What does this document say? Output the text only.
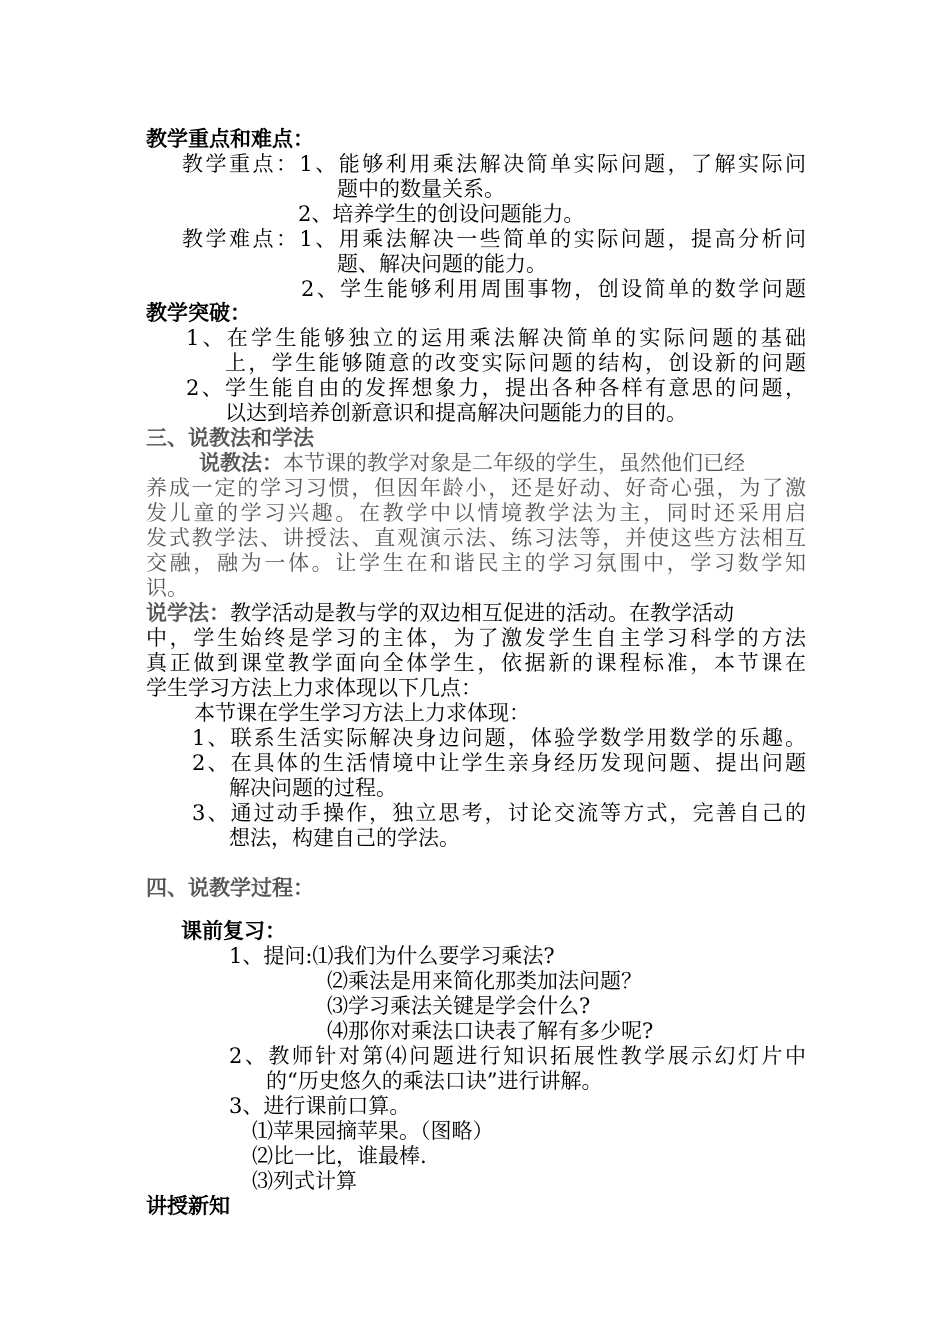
教学重点和难点：
教学重点：1、能够利用乘法解决简单实际问题，了解实际问
题中的数量关系。
2、培养学生的创设问题能力。
教学难点：1、用乘法解决一些简单的实际问题，提高分析问
题、解决问题的能力。
2、学生能够利用周围事物，创设简单的数学问题
教学突破：
1、在学生能够独立的运用乘法解决简单的实际问题的基础
上，学生能够随意的改变实际问题的结构，创设新的问题
2、学生能自由的发挥想象力，提出各种各样有意思的问题，
以达到培养创新意识和提高解决问题能力的目的。
三、说教法和学法
说教法：本节课的教学对象是二年级的学生，虽然他们已经
养成一定的学习习惯，但因年龄小，还是好动、好奇心强，为了激
发儿童的学习兴趣。在教学中以情境教学法为主，同时还采用启
发式教学法、讲授法、直观演示法、练习法等，并使这些方法相互
交融，融为一体。让学生在和谐民主的学习氛围中，学习数学知
识。
说学法：教学活动是教与学的双边相互促进的活动。在教学活动
中，学生始终是学习的主体，为了激发学生自主学习科学的方法
真正做到课堂教学面向全体学生，依据新的课程标准，本节课在
学生学习方法上力求体现以下几点：
本节课在学生学习方法上力求体现：
1、联系生活实际解决身边问题，体验学数学用数学的乐趣。
2、在具体的生活情境中让学生亲身经历发现问题、提出问题
解决问题的过程。
3、通过动手操作，独立思考，讨论交流等方式，完善自己的
想法，构建自己的学法。
四、说教学过程：
课前复习：
1、提问:⑴我们为什么要学习乘法?
⑵乘法是用来简化那类加法问题？
⑶学习乘法关键是学会什么?
⑷那你对乘法口诀表了解有多少呢?
2、教师针对第⑷问题进行知识拓展性教学展示幻灯片中
的“历史悠久的乘法口诀”进行讲解。
3、进行课前口算。
⑴苹果园摘苹果。（图略）
⑵比一比，谁最棒.
⑶列式计算
讲授新知
